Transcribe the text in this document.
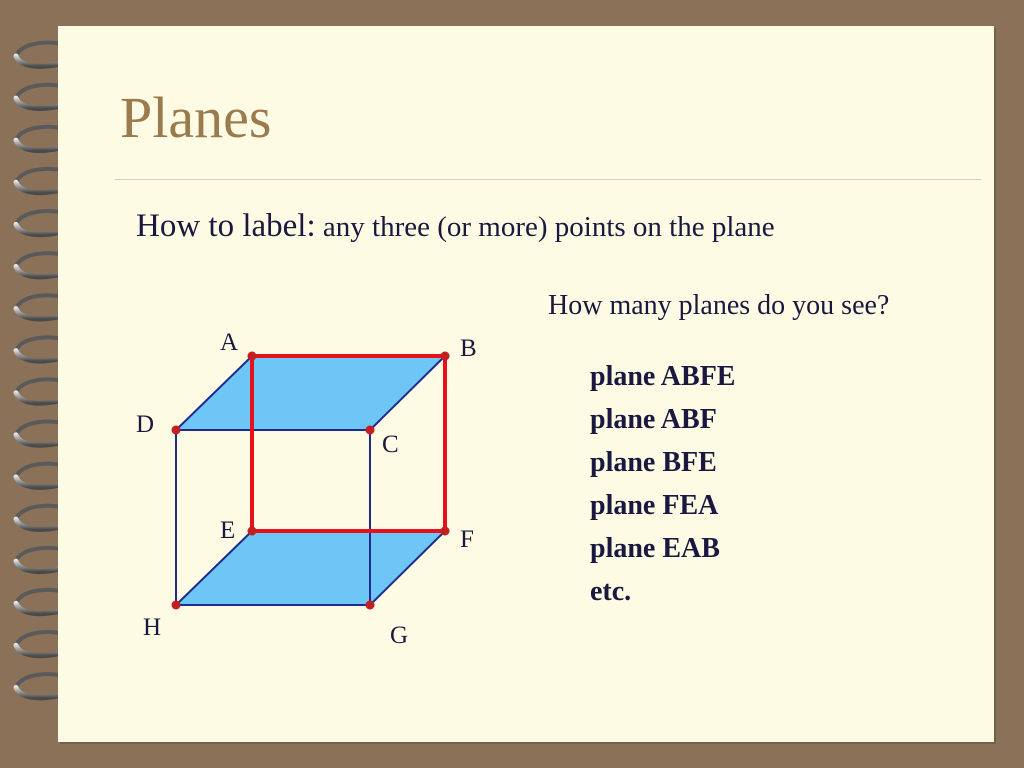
Planes

How to label: any three (or more) points on the plane

How many planes do you see?
plane ABFE
plane ABF
plane BFE
plane FEA
plane EAB
etc.
A	B
C
D
E	F
G
H
